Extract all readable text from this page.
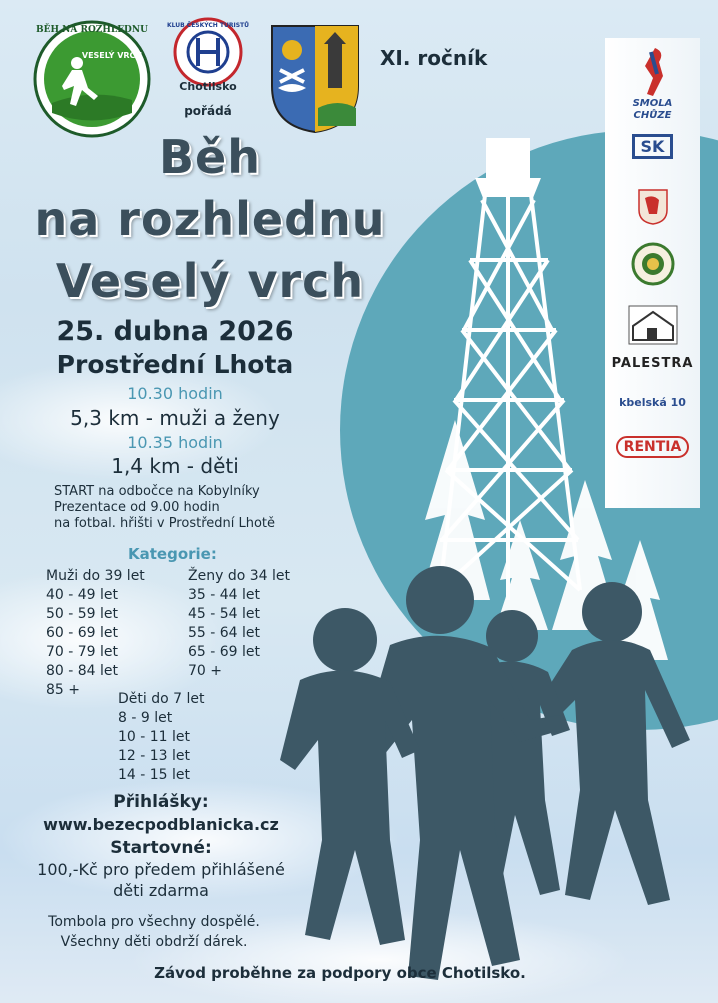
BĚH NA ROZHLEDNU
VESELÝ VRCH
KLUB ČESKÝCH TURISTŮ
Chotilsko
pořádá
XI. ročník
Běh
na rozhlednu
Veselý vrch
25. dubna 2026
Prostřední Lhota
10.30 hodin
5,3 km - muži a ženy
10.35 hodin
1,4 km - děti
START na odbočce na Kobylníky
Prezentace od 9.00 hodin
na fotbal. hřišti v Prostřední Lhotě
Kategorie:
Muži do 39 let
40 - 49 let
50 - 59 let
60 - 69 let
70 - 79 let
80 - 84 let
85 +
Ženy do 34 let
35 - 44 let
45 - 54 let
55 - 64 let
65 - 69 let
70 +
Děti do 7 let
8 - 9 let
10 - 11 let
12 - 13 let
14 - 15 let
Přihlášky:
www.bezecpodblanicka.cz
Startovné:
100,-Kč pro předem přihlášené
děti zdarma
Tombola pro všechny dospělé.
Všechny děti obdrží dárek.
Závod proběhne za podpory obce Chotilsko.
SMOLA
CHŮZE
SK
PALESTRA
kbelská 10
RENTIA
